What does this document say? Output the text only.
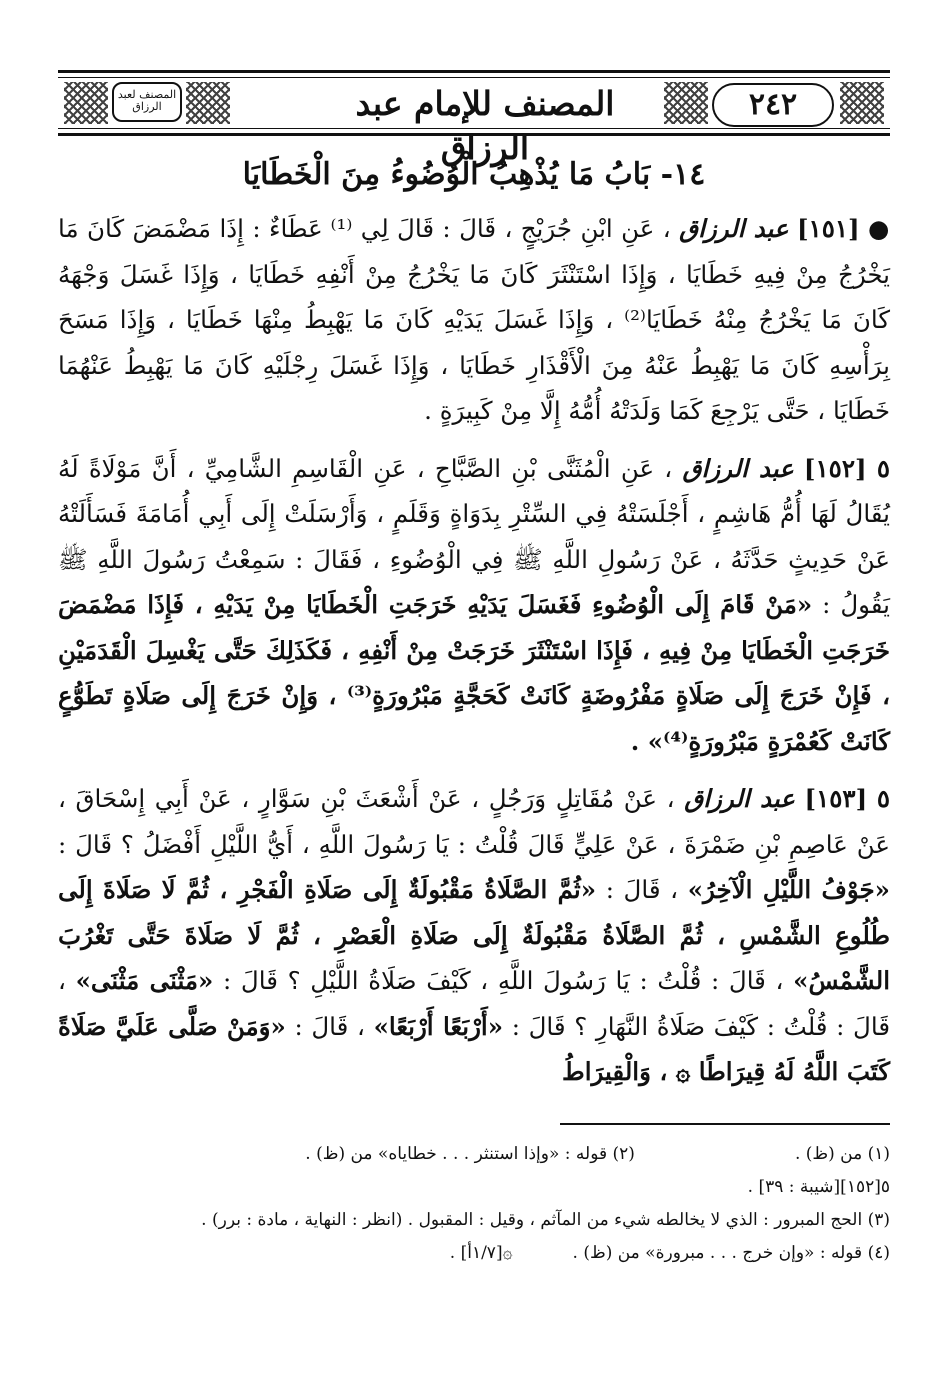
٢٤٢
المصنف للإمام عبد الرزاق
المصنف لعبد الرزاق
١٤- بَابُ مَا يُذْهِبُ الْوُضُوءُ مِنَ الْخَطَايَا

● [١٥١] عبد الرزاق ، عَنِ ابْنِ جُرَيْجٍ ، قَالَ : قَالَ لِي ⁽¹⁾ عَطَاءٌ : إِذَا مَضْمَضَ كَانَ مَا يَخْرُجُ مِنْ فِيهِ خَطَايَا ، وَإِذَا اسْتَنْثَرَ كَانَ مَا يَخْرُجُ مِنْ أَنْفِهِ خَطَايَا ، وَإِذَا غَسَلَ وَجْهَهُ كَانَ مَا يَخْرُجُ مِنْهُ خَطَايَا⁽²⁾ ، وَإِذَا غَسَلَ يَدَيْهِ كَانَ مَا يَهْبِطُ مِنْهَا خَطَايَا ، وَإِذَا مَسَحَ بِرَأْسِهِ كَانَ مَا يَهْبِطُ عَنْهُ مِنَ الْأَقْذَارِ خَطَايَا ، وَإِذَا غَسَلَ رِجْلَيْهِ كَانَ مَا يَهْبِطُ عَنْهُمَا خَطَايَا ، حَتَّى يَرْجِعَ كَمَا وَلَدَتْهُ أُمُّهُ إِلَّا مِنْ كَبِيرَةٍ .

٥ [١٥٢] عبد الرزاق ، عَنِ الْمُثَنَّى بْنِ الصَّبَّاحِ ، عَنِ الْقَاسِمِ الشَّامِيِّ ، أَنَّ مَوْلَاةً لَهُ يُقَالُ لَهَا أُمُّ هَاشِمٍ ، أَجْلَسَتْهُ فِي السِّتْرِ بِدَوَاةٍ وَقَلَمٍ ، وَأَرْسَلَتْ إِلَى أَبِي أُمَامَةَ فَسَأَلَتْهُ عَنْ حَدِيثٍ حَدَّثَهُ ، عَنْ رَسُولِ اللَّهِ ﷺ فِي الْوُضُوءِ ، فَقَالَ : سَمِعْتُ رَسُولَ اللَّهِ ﷺ يَقُولُ : «مَنْ قَامَ إِلَى الْوُضُوءِ فَغَسَلَ يَدَيْهِ خَرَجَتِ الْخَطَايَا مِنْ يَدَيْهِ ، فَإِذَا مَضْمَضَ خَرَجَتِ الْخَطَايَا مِنْ فِيهِ ، فَإِذَا اسْتَنْثَرَ خَرَجَتْ مِنْ أَنْفِهِ ، فَكَذَلِكَ حَتَّى يَغْسِلَ الْقَدَمَيْنِ ، فَإِنْ خَرَجَ إِلَى صَلَاةٍ مَفْرُوضَةٍ كَانَتْ كَحَجَّةٍ مَبْرُورَةٍ⁽³⁾ ، وَإِنْ خَرَجَ إِلَى صَلَاةٍ تَطَوُّعٍ كَانَتْ كَعُمْرَةٍ مَبْرُورَةٍ⁽⁴⁾» .

٥ [١٥٣] عبد الرزاق ، عَنْ مُقَاتِلٍ وَرَجُلٍ ، عَنْ أَشْعَثَ بْنِ سَوَّارٍ ، عَنْ أَبِي إِسْحَاقَ ، عَنْ عَاصِمِ بْنِ ضَمْرَةَ ، عَنْ عَلِيٍّ قَالَ قُلْتُ : يَا رَسُولَ اللَّهِ ، أَيُّ اللَّيْلِ أَفْضَلُ ؟ قَالَ : «جَوْفُ اللَّيْلِ الْآخِرُ» ، قَالَ : «ثُمَّ الصَّلَاةُ مَقْبُولَةٌ إِلَى صَلَاةِ الْفَجْرِ ، ثُمَّ لَا صَلَاةَ إِلَى طُلُوعِ الشَّمْسِ ، ثُمَّ الصَّلَاةُ مَقْبُولَةٌ إِلَى صَلَاةِ الْعَصْرِ ، ثُمَّ لَا صَلَاةَ حَتَّى تَغْرُبَ الشَّمْسُ» ، قَالَ : قُلْتُ : يَا رَسُولَ اللَّهِ ، كَيْفَ صَلَاةُ اللَّيْلِ ؟ قَالَ : «مَثْنَى مَثْنَى» ، قَالَ : قُلْتُ : كَيْفَ صَلَاةُ النَّهَارِ ؟ قَالَ : «أَرْبَعًا أَرْبَعًا» ، قَالَ : «وَمَنْ صَلَّى عَلَيَّ صَلَاةً كَتَبَ اللَّهُ لَهُ قِيرَاطًا ۞ ، وَالْقِيرَاطُ

(١) من (ظ) .
(٢) قوله : «وإذا استنثر . . . خطاياه» من (ظ) .
٥[١٥٢][شيبة : ٣٩] .
(٣) الحج المبرور : الذي لا يخالطه شيء من المآثم ، وقيل : المقبول . (انظر : النهاية ، مادة : برر) .
(٤) قوله : «وإن خرج . . . مبرورة» من (ظ) .
۞[١/٧أ] .
